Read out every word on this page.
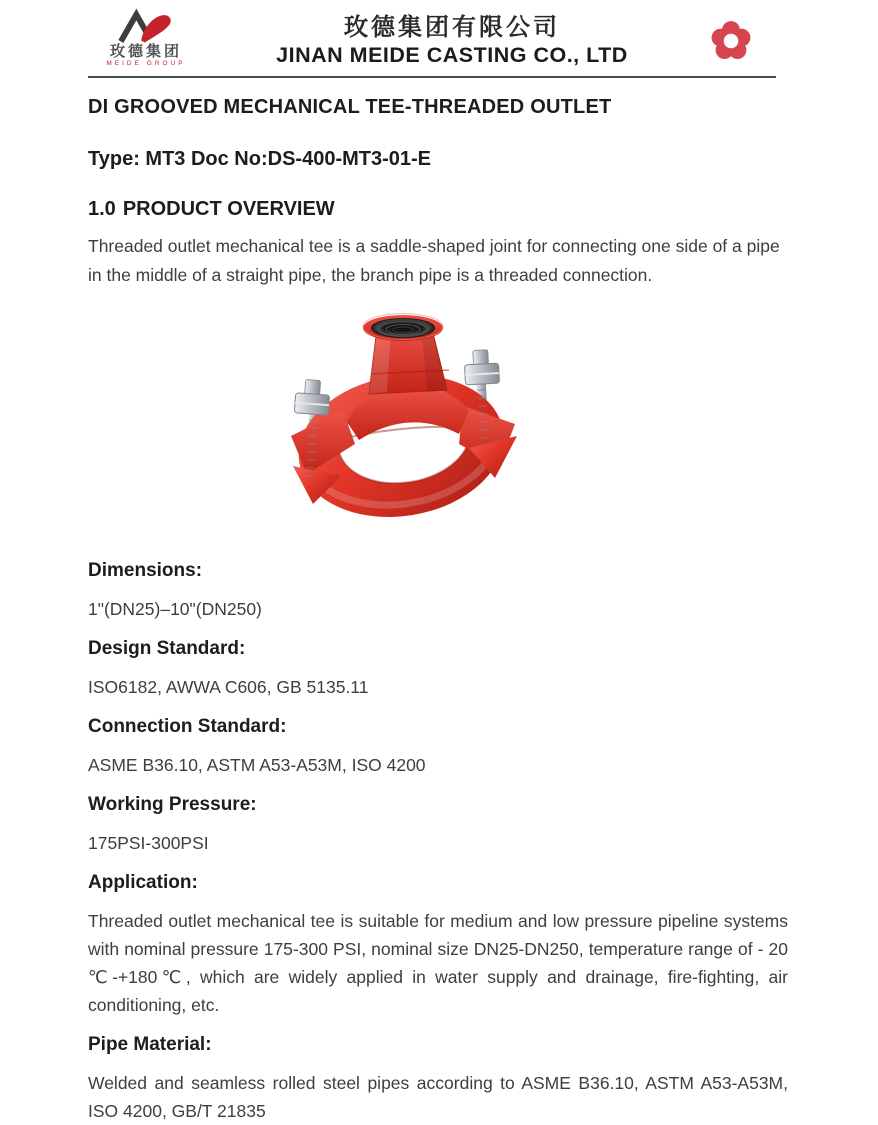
玫德集团
MEIDE GROUP
玫德集团有限公司
JINAN MEIDE CASTING CO., LTD
DI GROOVED MECHANICAL TEE-THREADED OUTLET
Type: MT3 Doc No:DS-400-MT3-01-E
1.0 PRODUCT OVERVIEW

Threaded outlet mechanical tee is a saddle-shaped joint for connecting one side of a pipe in the middle of a straight pipe, the branch pipe is a threaded connection.

Dimensions:

1"(DN25)–10"(DN250)

Design Standard:

ISO6182, AWWA C606, GB 5135.11

Connection Standard:

ASME B36.10, ASTM A53-A53M, ISO 4200

Working Pressure:

175PSI-300PSI

Application:

Threaded outlet mechanical tee is suitable for medium and low pressure pipeline systems with nominal pressure 175-300 PSI, nominal size DN25-DN250, temperature range of - 20 ℃-+180℃, which are widely applied in water supply and drainage, fire-fighting, air conditioning, etc.

Pipe Material:

Welded and seamless rolled steel pipes according to ASME B36.10, ASTM A53-A53M, ISO 4200, GB/T 21835
